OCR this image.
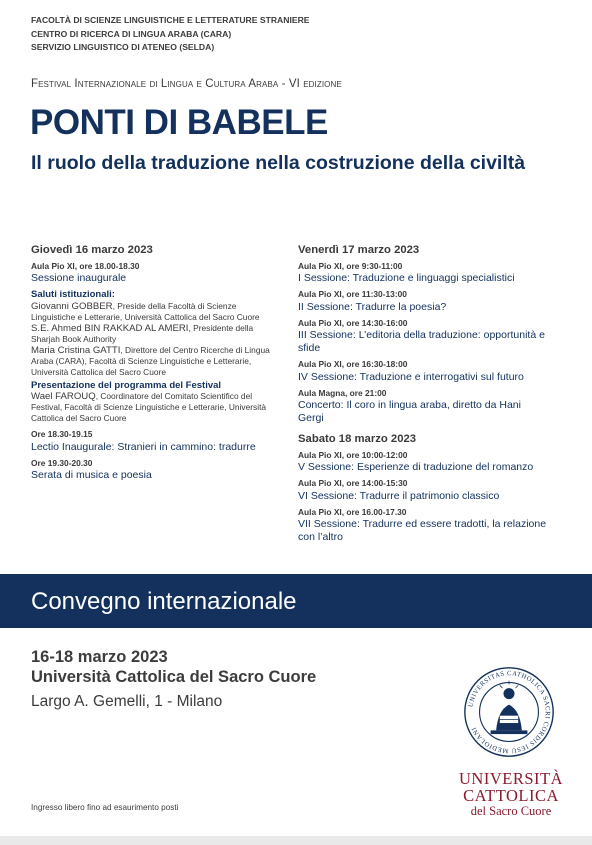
FACOLTÀ DI SCIENZE LINGUISTICHE E LETTERATURE STRANIERE
CENTRO DI RICERCA DI LINGUA ARABA (CARA)
SERVIZIO LINGUISTICO DI ATENEO (SELDA)
Festival Internazionale di Lingua e Cultura Araba - VI edizione
PONTI DI BABELE
Il ruolo della traduzione nella costruzione della civiltà
Giovedì 16 marzo 2023
Aula Pio XI, ore 18.00-18.30
Sessione inaugurale
Saluti istituzionali:
Giovanni GOBBER, Preside della Facoltà di Scienze Linguistiche e Letterarie, Università Cattolica del Sacro Cuore
S.E. Ahmed BIN RAKKAD AL AMERI, Presidente della Sharjah Book Authority
Maria Cristina GATTI, Direttore del Centro Ricerche di Lingua Araba (CARA), Facoltà di Scienze Linguistiche e Letterarie, Università Cattolica del Sacro Cuore
Presentazione del programma del Festival
Wael FAROUQ, Coordinatore del Comitato Scientifico del Festival, Facoltà di Scienze Linguistiche e Letterarie, Università Cattolica del Sacro Cuore
Ore 18.30-19.15
Lectio Inaugurale: Stranieri in cammino: tradurre
Ore 19.30-20.30
Serata di musica e poesia
Venerdì 17 marzo 2023
Aula Pio XI, ore 9:30-11:00
I Sessione: Traduzione e linguaggi specialistici
Aula Pio XI, ore 11:30-13:00
II Sessione: Tradurre la poesia?
Aula Pio XI, ore 14:30-16:00
III Sessione: L’editoria della traduzione: opportunità e sfide
Aula Pio XI, ore 16:30-18:00
IV Sessione: Traduzione e interrogativi sul futuro
Aula Magna, ore 21:00
Concerto: Il coro in lingua araba, diretto da Hani Gergi
Sabato 18 marzo 2023
Aula Pio XI, ore 10:00-12:00
V Sessione: Esperienze di traduzione del romanzo
Aula Pio XI, ore 14:00-15:30
VI Sessione: Tradurre il patrimonio classico
Aula Pio XI, ore 16.00-17.30
VII Sessione: Tradurre ed essere tradotti, la relazione con l’altro
Convegno internazionale
16-18 marzo 2023
Università Cattolica del Sacro Cuore
Largo A. Gemelli, 1 - Milano
Ingresso libero fino ad esaurimento posti
UNIVERSITAS CATHOLICA SACRI CORDIS IESU MEDIOLANI
UNIVERSITÀ
CATTOLICA
del Sacro Cuore
